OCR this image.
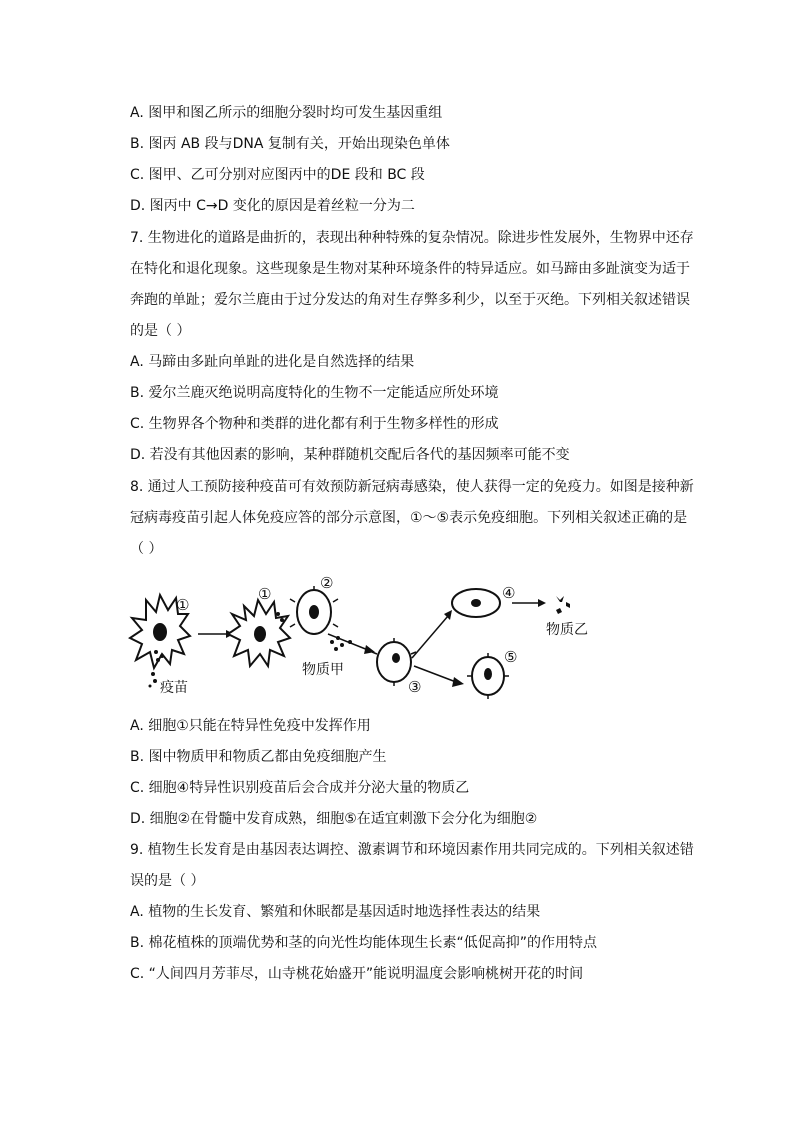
A. 图甲和图乙所示的细胞分裂时均可发生基因重组
B. 图丙 AB 段与DNA 复制有关，开始出现染色单体
C. 图甲、乙可分别对应图丙中的DE 段和 BC 段
D. 图丙中 C→D 变化的原因是着丝粒一分为二
7. 生物进化的道路是曲折的，表现出种种特殊的复杂情况。除进步性发展外，生物界中还存
在特化和退化现象。这些现象是生物对某种环境条件的特异适应。如马蹄由多趾演变为适于
奔跑的单趾；爱尔兰鹿由于过分发达的角对生存弊多利少，以至于灭绝。下列相关叙述错误
的是（ ）
A. 马蹄由多趾向单趾的进化是自然选择的结果
B. 爱尔兰鹿灭绝说明高度特化的生物不一定能适应所处环境
C. 生物界各个物种和类群的进化都有利于生物多样性的形成
D. 若没有其他因素的影响，某种群随机交配后各代的基因频率可能不变
8. 通过人工预防接种疫苗可有效预防新冠病毒感染，使人获得一定的免疫力。如图是接种新
冠病毒疫苗引起人体免疫应答的部分示意图，①～⑤表示免疫细胞。下列相关叙述正确的是
（ ）
①
疫苗
①
②
物质甲
③
④
物质乙
⑤
A. 细胞①只能在特异性免疫中发挥作用
B. 图中物质甲和物质乙都由免疫细胞产生
C. 细胞④特异性识别疫苗后会合成并分泌大量的物质乙
D. 细胞②在骨髓中发育成熟，细胞⑤在适宜刺激下会分化为细胞②
9. 植物生长发育是由基因表达调控、激素调节和环境因素作用共同完成的。下列相关叙述错
误的是（ ）
A. 植物的生长发育、繁殖和休眠都是基因适时地选择性表达的结果
B. 棉花植株的顶端优势和茎的向光性均能体现生长素“低促高抑”的作用特点
C. “人间四月芳菲尽，山寺桃花始盛开”能说明温度会影响桃树开花的时间
